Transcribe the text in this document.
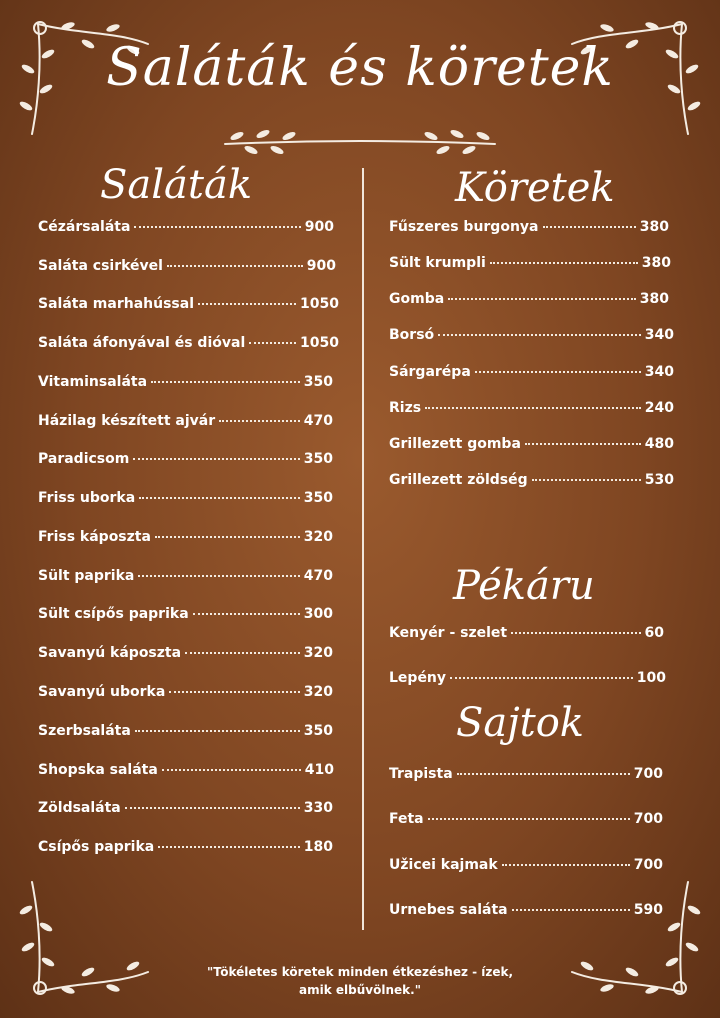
Saláták és köretek
Saláták	Köretek
Pékáru
Sajtok
Cézársaláta	900
Saláta csirkével	900
Saláta marhahússal	1050
Saláta áfonyával és dióval	1050
Vitaminsaláta	350
Házilag készített ajvár	470
Paradicsom	350
Friss uborka	350
Friss káposzta	320
Sült paprika	470
Sült csípős paprika	300
Savanyú káposzta	320
Savanyú uborka	320
Szerbsaláta	350
Shopska saláta	410
Zöldsaláta	330
Csípős paprika	180
Fűszeres burgonya	380
Sült krumpli	380
Gomba	380
Borsó	340
Sárgarépa	340
Rizs	240
Grillezett gomba	480
Grillezett zöldség	530
Kenyér - szelet	60
Lepény	100
Trapista	700
Feta	700
Užicei kajmak	700
Urnebes saláta	590
"Tökéletes köretek minden étkezéshez - ízek,
amik elbűvölnek."
